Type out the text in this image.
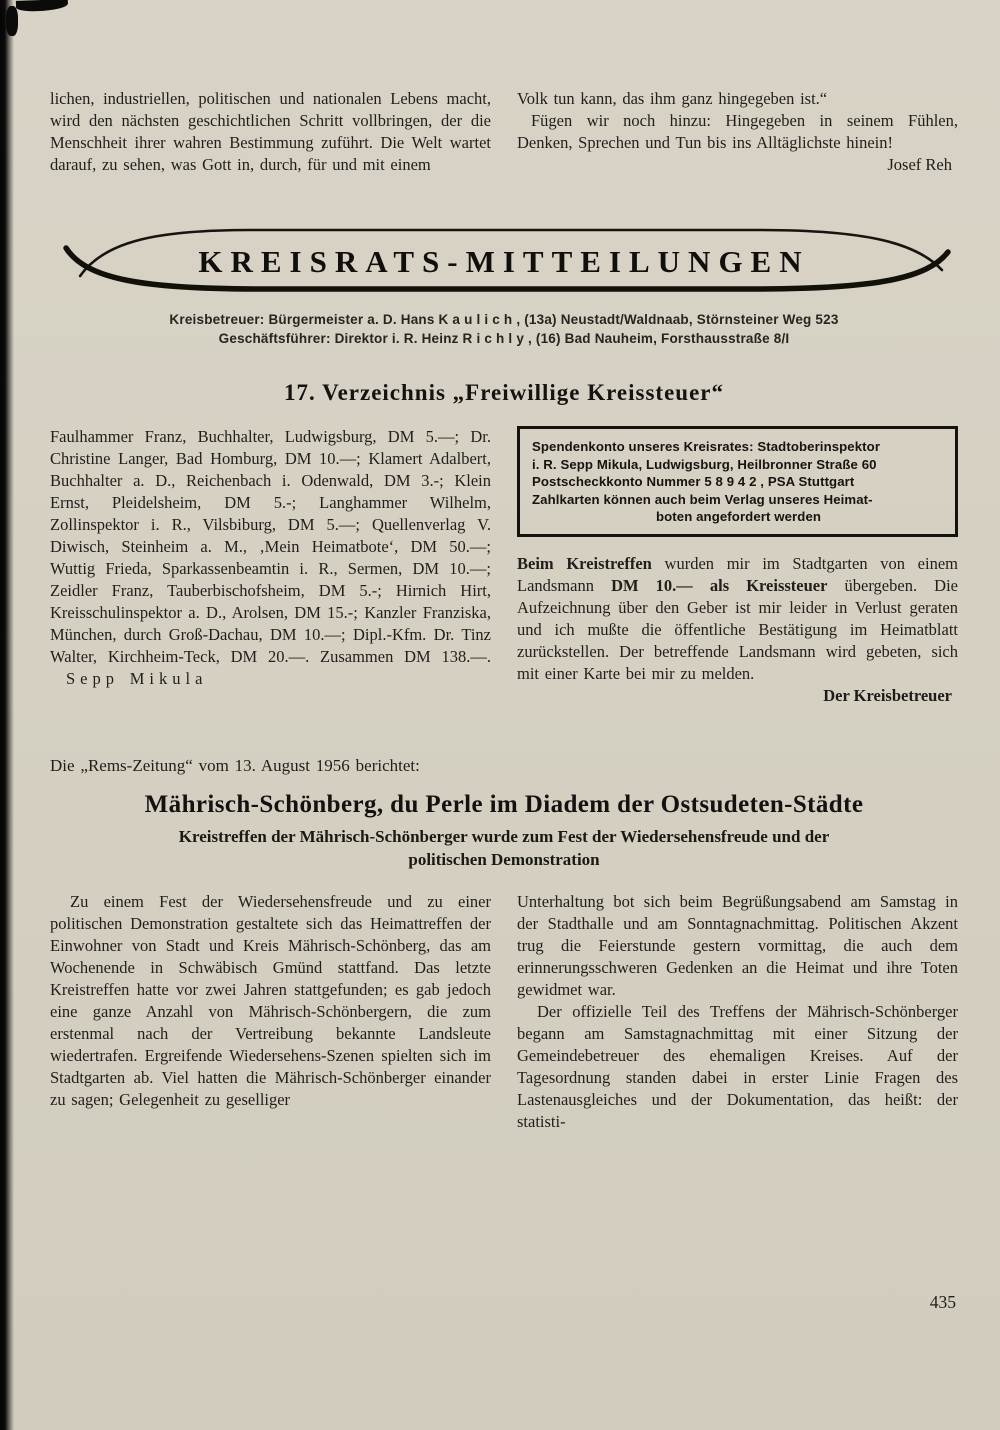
lichen, industriellen, politischen und nationalen Lebens macht, wird den nächsten geschichtlichen Schritt vollbringen, der die Menschheit ihrer wahren Bestimmung zuführt. Die Welt wartet darauf, zu sehen, was Gott in, durch, für und mit einem

Volk tun kann, das ihm ganz hingegeben ist.“

Fügen wir noch hinzu: Hingegeben in seinem Fühlen, Denken, Sprechen und Tun bis ins Alltäglichste hinein!

Josef Reh
KREISRATS-MITTEILUNGEN
Kreisbetreuer: Bürgermeister a. D. Hans K a u l i c h , (13a) Neustadt/Waldnaab, Störnsteiner Weg 523
Geschäftsführer: Direktor i. R. Heinz R i c h l y , (16) Bad Nauheim, Forsthausstraße 8/I
17. Verzeichnis „Freiwillige Kreissteuer“

Faulhammer Franz, Buchhalter, Ludwigsburg, DM 5.—; Dr. Christine Langer, Bad Homburg, DM 10.—; Klamert Adalbert, Buchhalter a. D., Reichenbach i. Odenwald, DM 3.-; Klein Ernst, Pleidelsheim, DM 5.-; Langhammer Wilhelm, Zollinspektor i. R., Vilsbiburg, DM 5.—; Quellenverlag V. Diwisch, Steinheim a. M., ‚Mein Heimatbote‘, DM 50.—; Wuttig Frieda, Sparkassenbeamtin i. R., Sermen, DM 10.—; Zeidler Franz, Tauberbischofsheim, DM 5.-; Hirnich Hirt, Kreisschulinspektor a. D., Arolsen, DM 15.-; Kanzler Franziska, München, durch Groß-Dachau, DM 10.—; Dipl.-Kfm. Dr. Tinz Walter, Kirchheim-Teck, DM 20.—. Zusammen DM 138.—. Sepp Mikula

Spendenkonto unseres Kreisrates: Stadtoberinspektor
i. R. Sepp Mikula, Ludwigsburg, Heilbronner Straße 60
Postscheckkonto Nummer 5 8 9 4 2 , PSA Stuttgart
Zahlkarten können auch beim Verlag unseres Heimat-
boten angefordert werden

Beim Kreistreffen wurden mir im Stadtgarten von einem Landsmann DM 10.— als Kreissteuer übergeben. Die Aufzeichnung über den Geber ist mir leider in Verlust geraten und ich mußte die öffentliche Bestätigung im Heimatblatt zurückstellen. Der betreffende Landsmann wird gebeten, sich mit einer Karte bei mir zu melden.

Der Kreisbetreuer

Die „Rems-Zeitung“ vom 13. August 1956 berichtet:

Mährisch-Schönberg, du Perle im Diadem der Ostsudeten-Städte
Kreistreffen der Mährisch-Schönberger wurde zum Fest der Wiedersehensfreude und der politischen Demonstration

Zu einem Fest der Wiedersehensfreude und zu einer politischen Demonstration gestaltete sich das Heimattreffen der Einwohner von Stadt und Kreis Mährisch-Schönberg, das am Wochenende in Schwäbisch Gmünd stattfand. Das letzte Kreistreffen hatte vor zwei Jahren stattgefunden; es gab jedoch eine ganze Anzahl von Mährisch-Schönbergern, die zum erstenmal nach der Vertreibung bekannte Landsleute wiedertrafen. Ergreifende Wiedersehens-Szenen spielten sich im Stadtgarten ab. Viel hatten die Mährisch-Schönberger einander zu sagen; Gelegenheit zu geselliger

Unterhaltung bot sich beim Begrüßungsabend am Samstag in der Stadthalle und am Sonntagnachmittag. Politischen Akzent trug die Feierstunde gestern vormittag, die auch dem erinnerungsschweren Gedenken an die Heimat und ihre Toten gewidmet war.

Der offizielle Teil des Treffens der Mährisch-Schönberger begann am Samstagnachmittag mit einer Sitzung der Gemeindebetreuer des ehemaligen Kreises. Auf der Tagesordnung standen dabei in erster Linie Fragen des Lastenausgleiches und der Dokumentation, das heißt: der statisti-

435
